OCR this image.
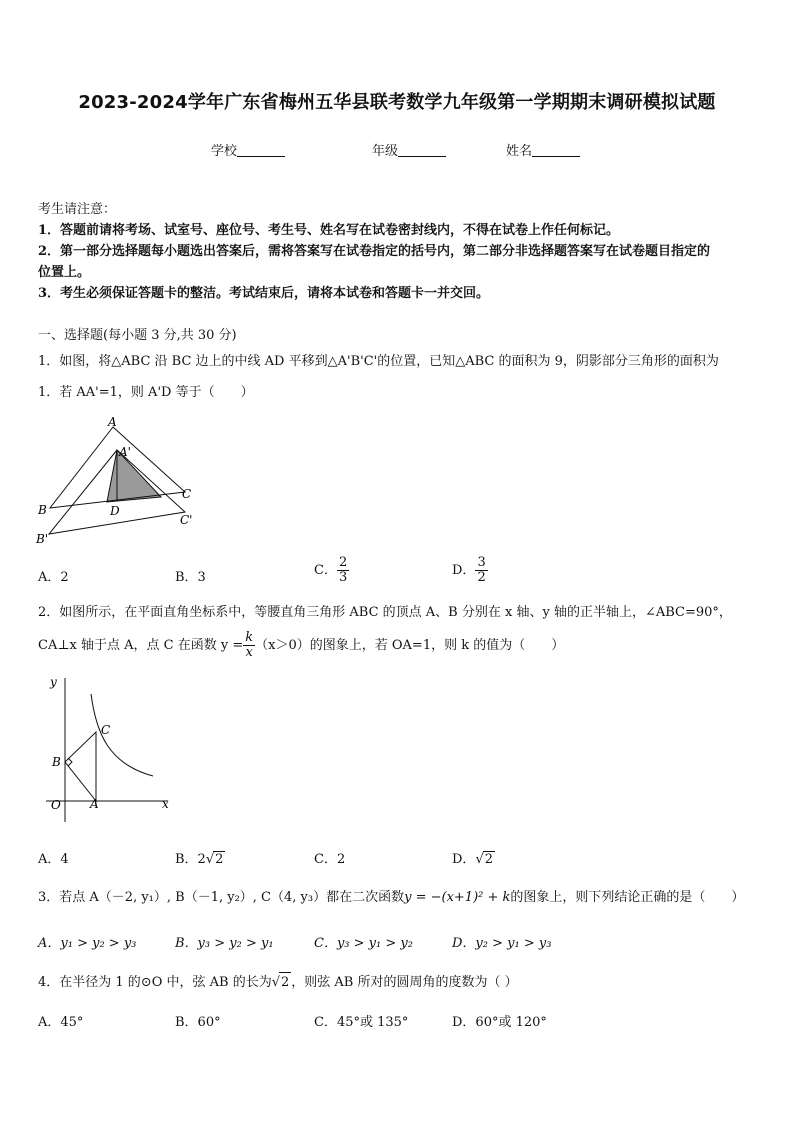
2023-2024学年广东省梅州五华县联考数学九年级第一学期期末调研模拟试题
学校	年级	姓名
考生请注意：
1．答题前请将考场、试室号、座位号、考生号、姓名写在试卷密封线内，不得在试卷上作任何标记。
2．第一部分选择题每小题选出答案后，需将答案写在试卷指定的括号内，第二部分非选择题答案写在试卷题目指定的
位置上。
3．考生必须保证答题卡的整洁。考试结束后，请将本试卷和答题卡一并交回。
一、选择题(每小题 3 分,共 30 分)
1．如图，将△ABC 沿 BC 边上的中线 AD 平移到△A'B'C'的位置，已知△ABC 的面积为 9，阴影部分三角形的面积为
1．若 AA'=1，则 A'D 等于（　　）
A
A'
B
B'
C
C'
D
A．2	B．3	C． $\frac{2}{3}$	D． $\frac{3}{2}$
2．如图所示，在平面直角坐标系中，等腰直角三角形 ABC 的顶点 A、B 分别在 x 轴、y 轴的正半轴上，∠ABC=90°，
CA⊥x 轴于点 A，点 C 在函数 $y = \frac{k}{x} (x>0)$的图象上，若 OA=1，则 k 的值为（　　）
y
x
O A
B
C
A．4	B．2√2	C．2	D．√2
3．若点 A（－2, y₁）, B（－1, y₂）, C（4, y₃）都在二次函数y = −(x+1)² + k的图象上，则下列结论正确的是（　　）
A．y₁ > y₂ > y₃	B．y₃ > y₂ > y₁	C．y₃ > y₁ > y₂	D．y₂ > y₁ > y₃
4．在半径为 1 的⊙O 中，弦 AB 的长为√2 ，则弦 AB 所对的圆周角的度数为（ ）
A．45°	B．60°	C．45°或 135°	D．60°或 120°
